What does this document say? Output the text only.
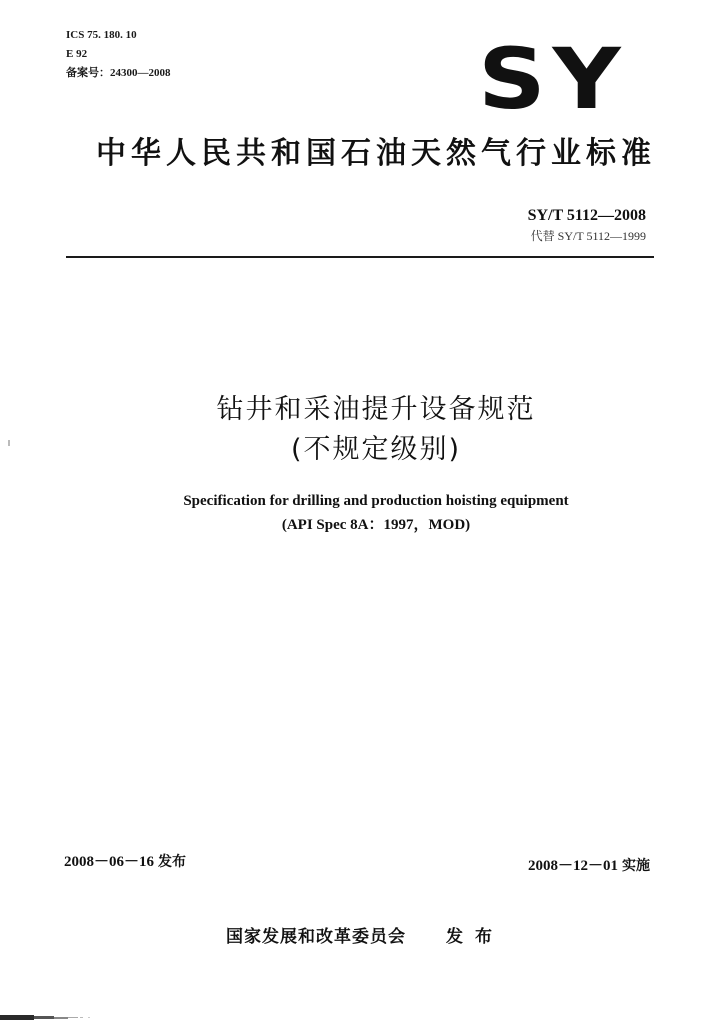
ICS 75. 180. 10
E 92
备案号：24300—2008	SY
中华人民共和国石油天然气行业标准
SY/T 5112—2008
代替 SY/T 5112—1999
钻井和采油提升设备规范
(不规定级别)
Specification for drilling and production hoisting equipment
(API Spec 8A：1997，MOD)
2008－06－16 发布	2008－12－01 实施
国家发展和改革委员会 发布
